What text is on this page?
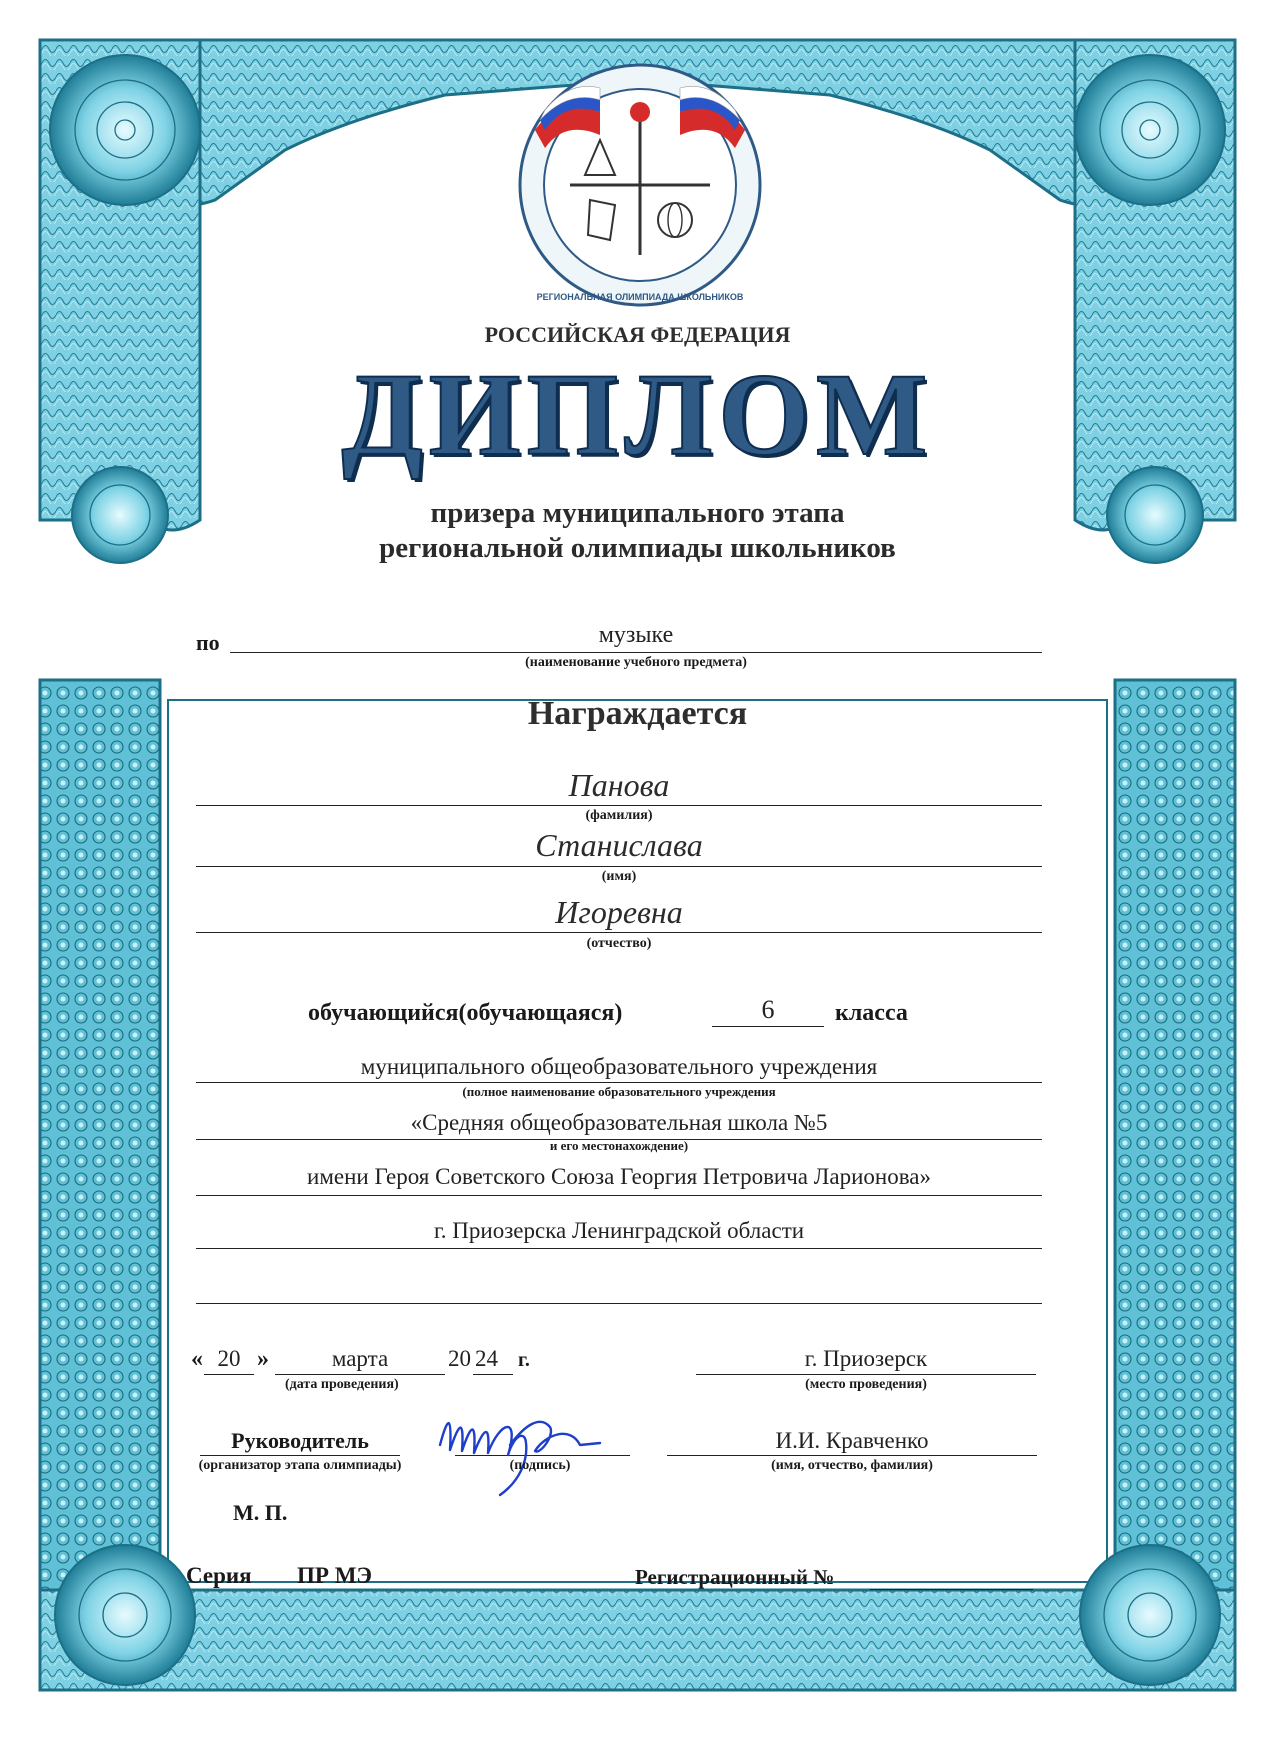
РЕГИОНАЛЬНАЯ ОЛИМПИАДА ШКОЛЬНИКОВ
РОССИЙСКАЯ ФЕДЕРАЦИЯ
ДИПЛОМ
призера муниципального этапа
региональной олимпиады школьников
по	музыке
(наименование учебного предмета)
Награждается
Панова
(фамилия)
Станислава
(имя)
Игоревна
(отчество)
обучающийся(обучающаяся)	6	класса
муниципального общеобразовательного учреждения
(полное наименование образовательного учреждения
«Средняя общеобразовательная школа №5
и его местонахождение)
имени Героя Советского Союза Георгия Петровича Ларионова»
г. Приозерска Ленинградской области
« 20 »	марта	20 24 г.
(дата проведения)
г. Приозерск
(место проведения)
Руководитель
(организатор этапа олимпиады)	(подпись)
И.И. Кравченко
(имя, отчество, фамилия)
М. П.
Серия ПР МЭ	Регистрационный №
